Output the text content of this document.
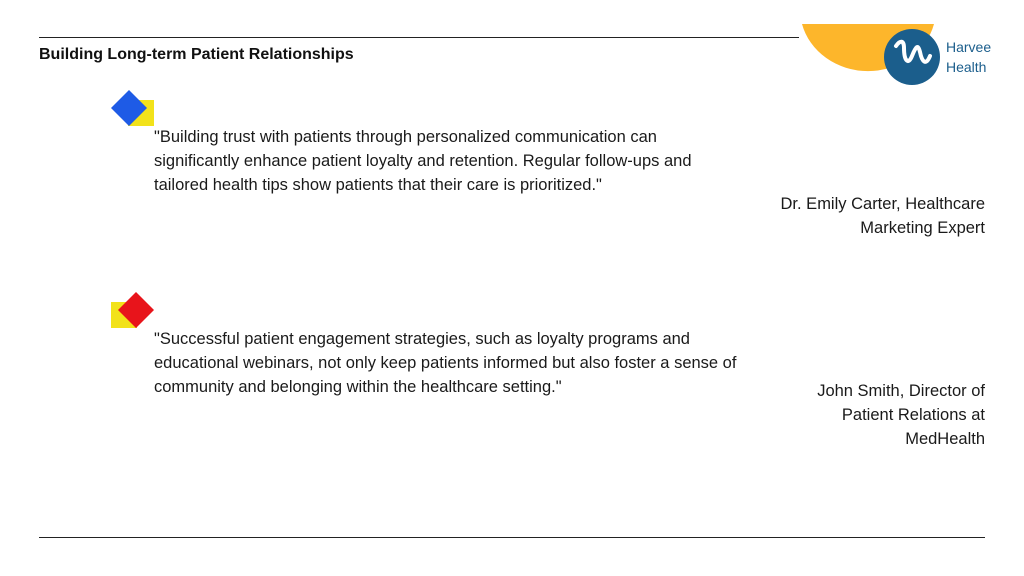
Building Long-term Patient Relationships	Harvee
Health
"Building trust with patients through personalized communication can significantly enhance patient loyalty and retention. Regular follow-ups and tailored health tips show patients that their care is prioritized."
Dr. Emily Carter, Healthcare Marketing Expert
"Successful patient engagement strategies, such as loyalty programs and educational webinars, not only keep patients informed but also foster a sense of community and belonging within the healthcare setting."	John Smith, Director of Patient Relations at MedHealth
